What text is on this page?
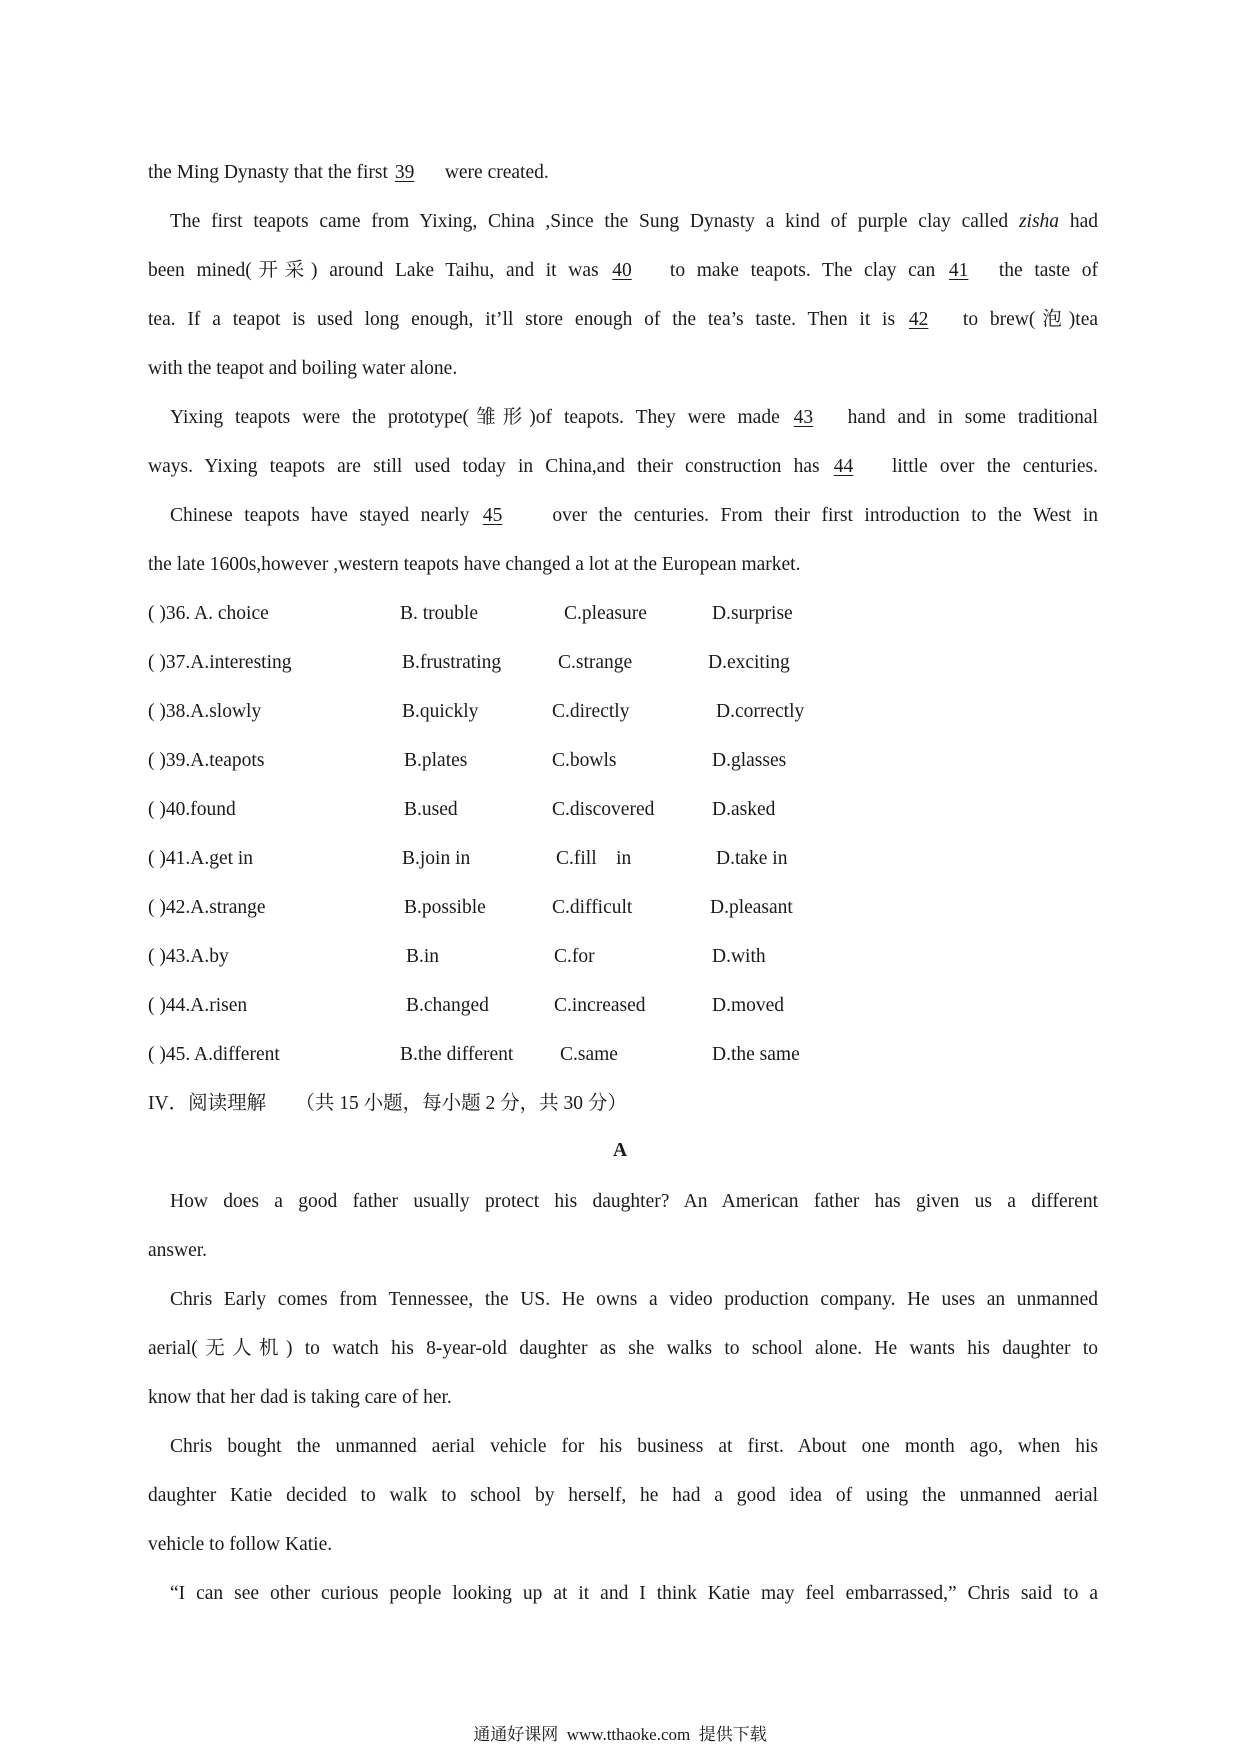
the Ming Dynasty that the first 39 were created.
The first teapots came from Yixing, China ,Since the Sung Dynasty a kind of purple clay called zisha had
been mined(开采) around Lake Taihu, and it was 40 to make teapots. The clay can 41 the taste of
tea. If a teapot is used long enough, it’ll store enough of the tea’s taste. Then it is 42 to brew(泡)tea
with the teapot and boiling water alone.
Yixing teapots were the prototype(雏形)of teapots. They were made 43 hand and in some traditional
ways. Yixing teapots are still used today in China,and their construction has 44 little over the centuries.
Chinese teapots have stayed nearly 45 over the centuries. From their first introduction to the West in
the late 1600s,however ,western teapots have changed a lot at the European market.
( )36. A. choice	B. trouble	C.pleasure	D.surprise
( )37.A.interesting	B.frustrating	C.strange	D.exciting
( )38.A.slowly	B.quickly	C.directly	D.correctly
( )39.A.teapots	B.plates	C.bowls	D.glasses
( )40.found	B.used	C.discovered	D.asked
( )41.A.get in	B.join in	C.fill    in	D.take in
( )42.A.strange	B.possible	C.difficult	D.pleasant
( )43.A.by	B.in	C.for	D.with
( )44.A.risen	B.changed	C.increased	D.moved
( )45. A.different	B.the different C.same	D.the same
IV．阅读理解      （共 15 小题，每小题 2 分，共 30 分）
A
How does a good father usually protect his daughter? An American father has given us a different
answer.
Chris Early comes from Tennessee, the US. He owns a video production company. He uses an unmanned
aerial(无人机) to watch his 8-year-old daughter as she walks to school alone. He wants his daughter to
know that her dad is taking care of her.
Chris bought the unmanned aerial vehicle for his business at first. About one month ago, when his
daughter Katie decided to walk to school by herself, he had a good idea of using the unmanned aerial
vehicle to follow Katie.
“I can see other curious people looking up at it and I think Katie may feel embarrassed,” Chris said to a
通通好课网  www.tthaoke.com  提供下载
